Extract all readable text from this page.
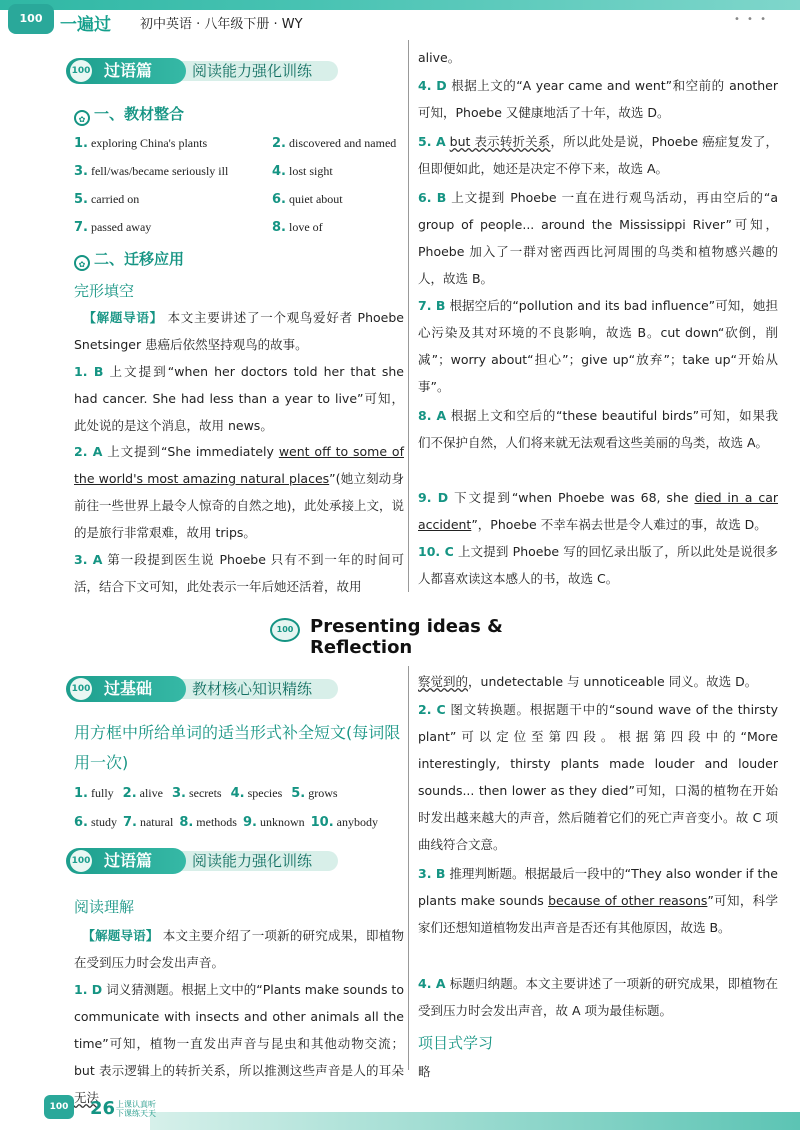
100	一遍过 初中英语 · 八年级下册 · WY	• • •
阅读能力强化训练
100 过语篇
✿ 一、教材整合
1. exploring China's plants	2. discovered and named
3. fell/was/became seriously ill	4. lost sight
5. carried on	6. quiet about
7. passed away	8. love of
✿ 二、迁移应用
完形填空
【解题导语】 本文主要讲述了一个观鸟爱好者 Phoebe Snetsinger 患癌后依然坚持观鸟的故事。
1. B 上文提到“when her doctors told her that she had cancer. She had less than a year to live”可知，此处说的是这个消息，故用 news。
2. A 上文提到“She immediately went off to some of the world's most amazing natural places”(她立刻动身前往一些世界上最令人惊奇的自然之地)，此处承接上文，说的是旅行非常艰难，故用 trips。
3. A 第一段提到医生说 Phoebe 只有不到一年的时间可活，结合下文可知，此处表示一年后她还活着，故用
alive。
4. D 根据上文的“A year came and went”和空前的 another 可知，Phoebe 又健康地活了十年，故选 D。
5. A but 表示转折关系，所以此处是说，Phoebe 癌症复发了，但即便如此，她还是决定不停下来，故选 A。
6. B 上文提到 Phoebe 一直在进行观鸟活动，再由空后的“a group of people... around the Mississippi River”可知，Phoebe 加入了一群对密西西比河周围的鸟类和植物感兴趣的人，故选 B。
7. B 根据空后的“pollution and its bad influence”可知，她担心污染及其对环境的不良影响，故选 B。cut down“砍倒，削减”；worry about“担心”；give up“放弃”；take up“开始从事”。
8. A 根据上文和空后的“these beautiful birds”可知，如果我们不保护自然，人们将来就无法观看这些美丽的鸟类，故选 A。
9. D 下文提到“when Phoebe was 68, she died in a car accident”，Phoebe 不幸车祸去世是令人难过的事，故选 D。
10. C 上文提到 Phoebe 写的回忆录出版了，所以此处是说很多人都喜欢读这本感人的书，故选 C。
100 Presenting ideas & Reflection
教材核心知识精练
100 过基础
用方框中所给单词的适当形式补全短文(每词限用一次)
1. fully 2. alive 3. secrets 4. species 5. grows
6. study 7. natural 8. methods 9. unknown 10. anybody
阅读能力强化训练
100 过语篇
阅读理解
【解题导语】 本文主要介绍了一项新的研究成果，即植物在受到压力时会发出声音。
1. D 词义猜测题。根据上文中的“Plants make sounds to communicate with insects and other animals all the time”可知，植物一直发出声音与昆虫和其他动物交流；but 表示逻辑上的转折关系，所以推测这些声音是人的耳朵无法
察觉到的，undetectable 与 unnoticeable 同义。故选 D。
2. C 图文转换题。根据题干中的“sound wave of the thirsty plant”可以定位至第四段。根据第四段中的“More interestingly, thirsty plants made louder and louder sounds... then lower as they died”可知，口渴的植物在开始时发出越来越大的声音，然后随着它们的死亡声音变小。故 C 项曲线符合文意。
3. B 推理判断题。根据最后一段中的“They also wonder if the plants make sounds because of other reasons”可知，科学家们还想知道植物发出声音是否还有其他原因，故选 B。
4. A 标题归纳题。本文主要讲述了一项新的研究成果，即植物在受到压力时会发出声音，故 A 项为最佳标题。
项目式学习
略
100	26 上课认真听
下课练天天
